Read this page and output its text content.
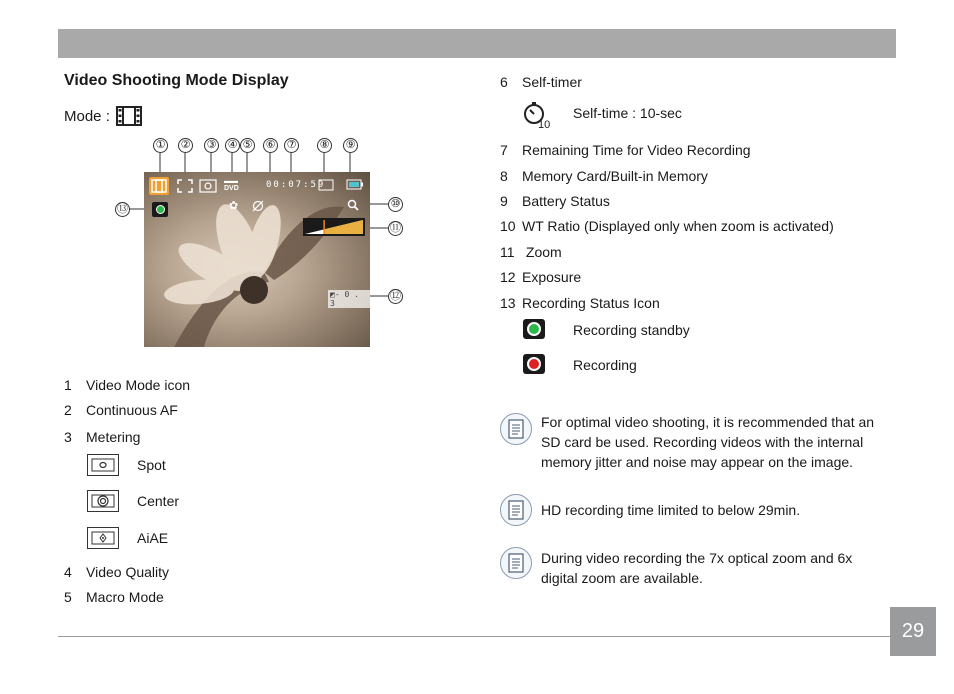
Video Shooting Mode Display
Mode :
① ② ③ ④ ⑤ ⑥ ⑦ ⑧ ⑨
⑩
⑪
⑫
⑬
▬▬
DVD	00:07:59
✿
◩- 0 . 3
1 Video Mode icon
2 Continuous AF
3 Metering
Spot
Center
AiAE
4 Video Quality
5 Macro Mode
6 Self-timer
10
Self-time : 10-sec
7 Remaining Time for Video Recording
8 Memory Card/Built-in Memory
9 Battery Status
10 WT Ratio (Displayed only when zoom is activated)
11 Zoom
12 Exposure
13 Recording Status Icon
Recording standby
Recording
For optimal video shooting, it is recommended that an
SD card be used. Recording videos with the internal
memory jitter and noise may appear on the image.
HD recording time limited to below 29min.
During video recording the 7x optical zoom and 6x
digital zoom are available.
29
